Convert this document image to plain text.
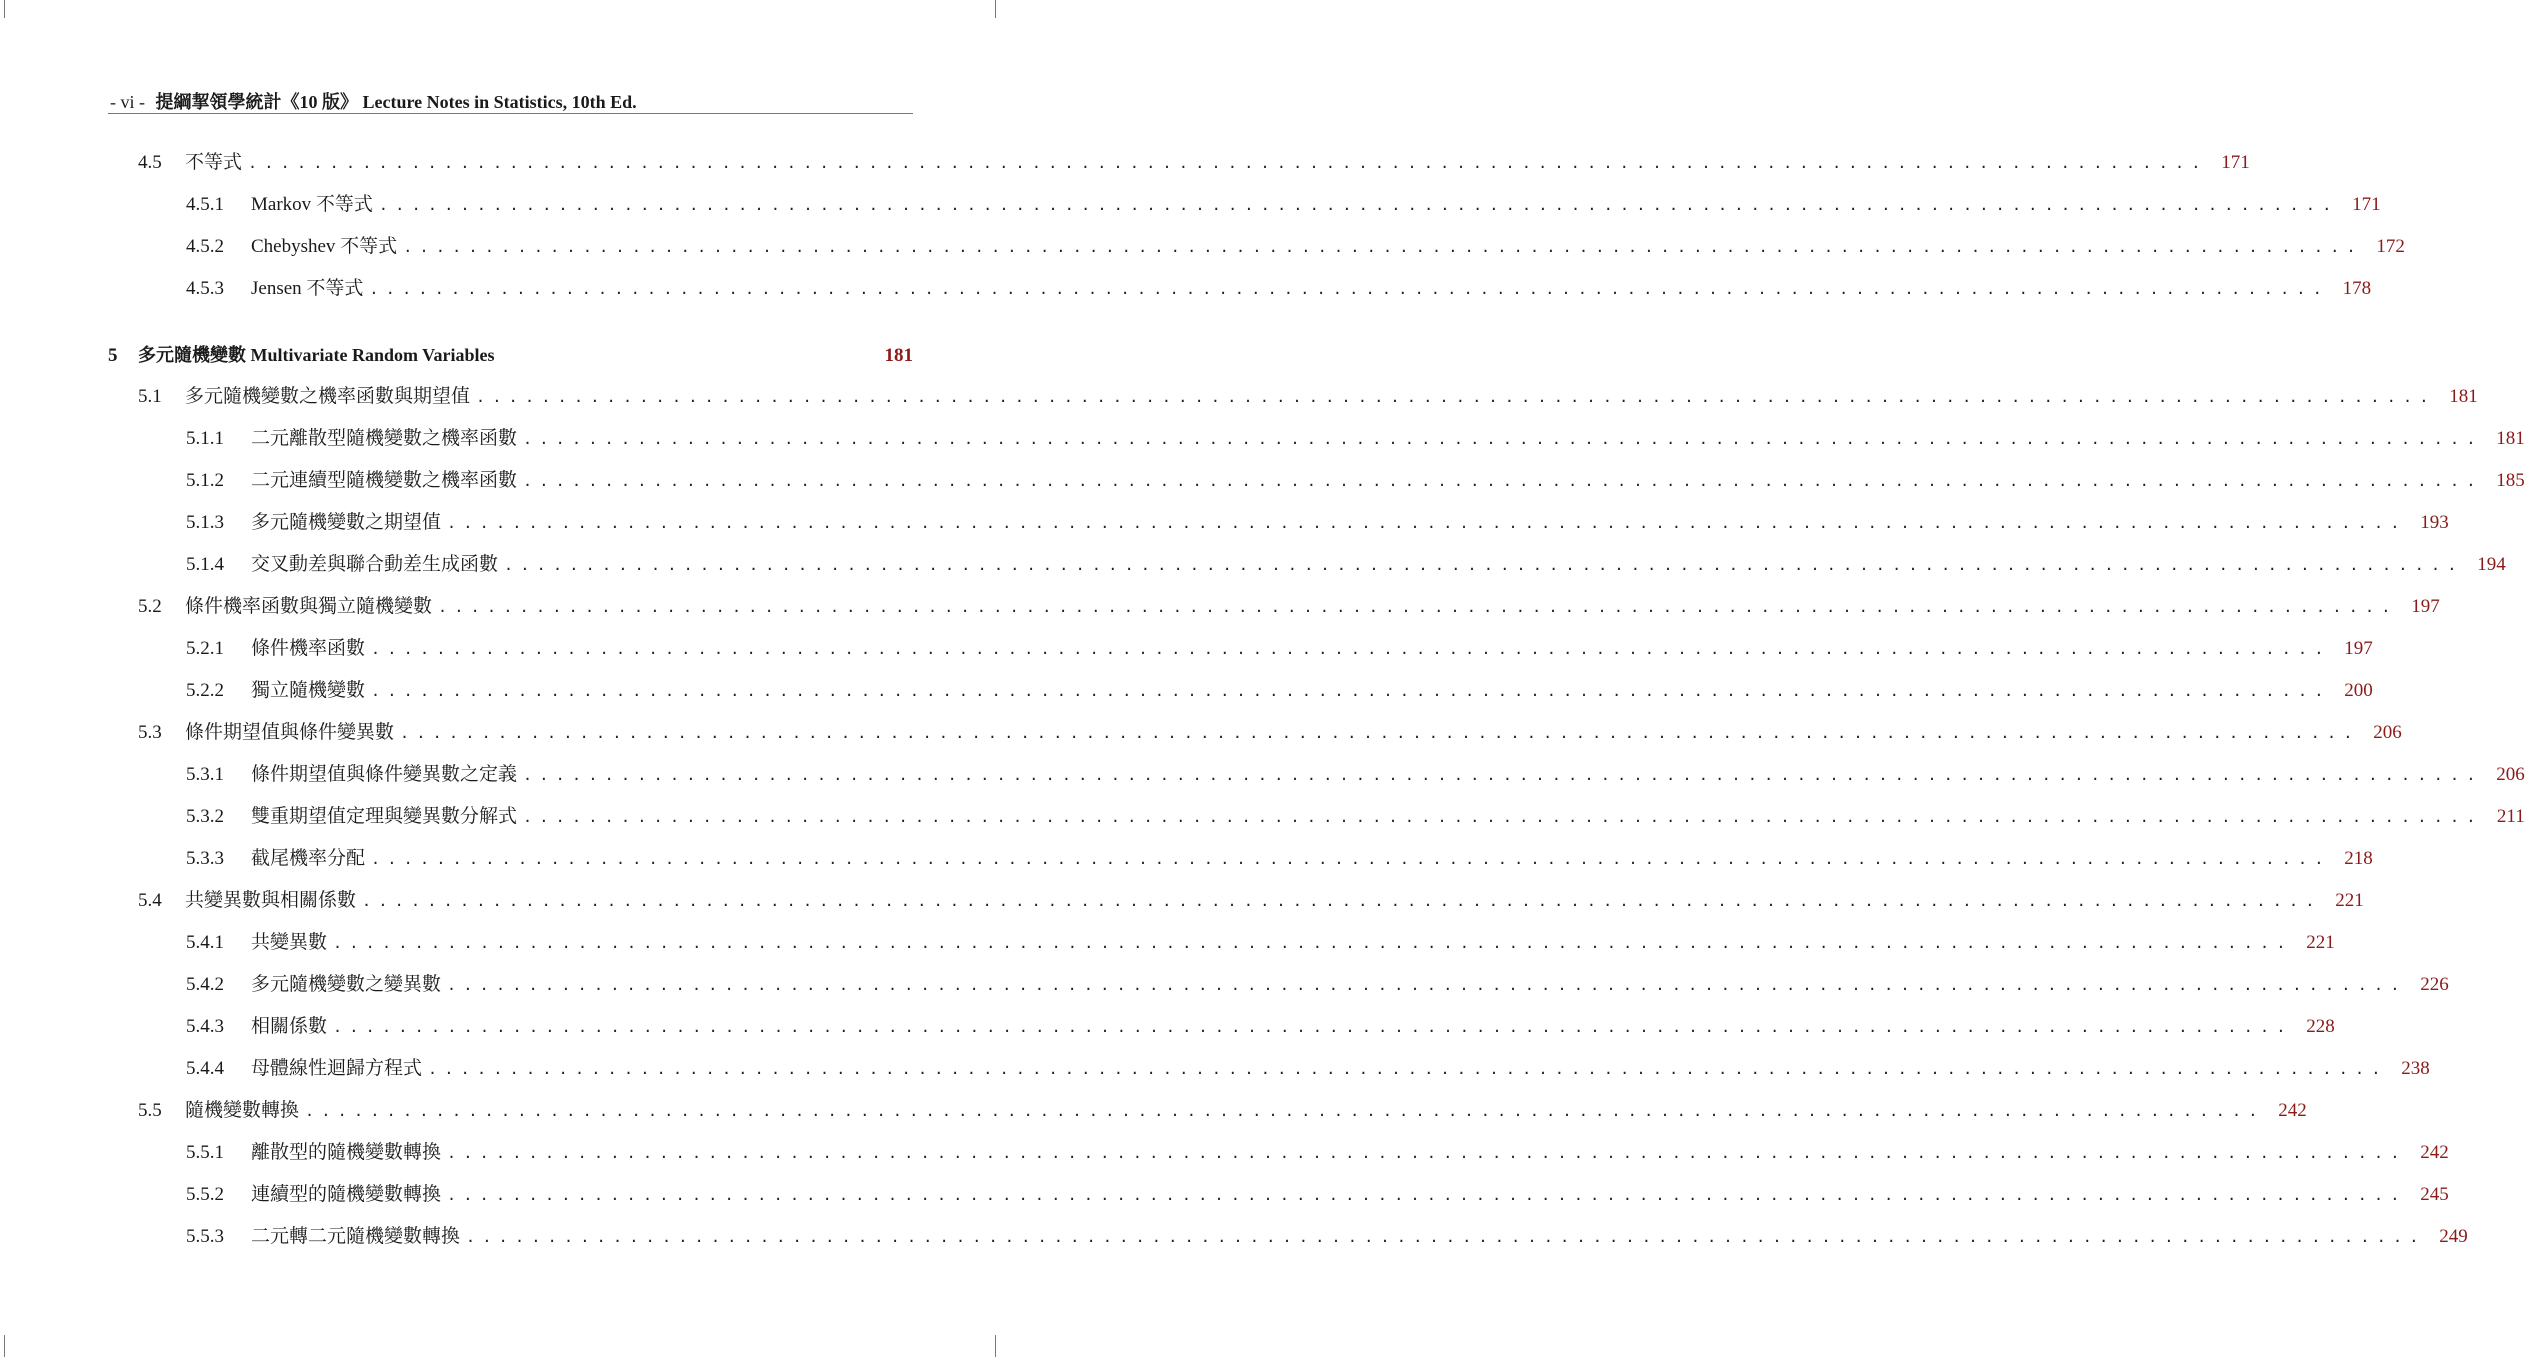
- vi - 提綱挈領學統計《10 版》 Lecture Notes in Statistics, 10th Ed.
4.5	不等式 ........................................................................................................................ 171
4.5.1	Markov 不等式 ........................................................................................................................ 171
4.5.2	Chebyshev 不等式 ........................................................................................................................ 172
4.5.3	Jensen 不等式 ........................................................................................................................ 178
5	多元隨機變數 Multivariate Random Variables	181
5.1	多元隨機變數之機率函數與期望值 ........................................................................................................................ 181
5.1.1	二元離散型隨機變數之機率函數 ........................................................................................................................ 181
5.1.2	二元連續型隨機變數之機率函數 ........................................................................................................................ 185
5.1.3	多元隨機變數之期望值 ........................................................................................................................ 193
5.1.4	交叉動差與聯合動差生成函數 ........................................................................................................................ 194
5.2	條件機率函數與獨立隨機變數 ........................................................................................................................ 197
5.2.1	條件機率函數 ........................................................................................................................ 197
5.2.2	獨立隨機變數 ........................................................................................................................ 200
5.3	條件期望值與條件變異數 ........................................................................................................................ 206
5.3.1	條件期望值與條件變異數之定義 ........................................................................................................................ 206
5.3.2	雙重期望值定理與變異數分解式 ........................................................................................................................ 211
5.3.3	截尾機率分配 ........................................................................................................................ 218
5.4	共變異數與相關係數 ........................................................................................................................ 221
5.4.1	共變異數 ........................................................................................................................ 221
5.4.2	多元隨機變數之變異數 ........................................................................................................................ 226
5.4.3	相關係數 ........................................................................................................................ 228
5.4.4	母體線性迴歸方程式 ........................................................................................................................ 238
5.5	隨機變數轉換 ........................................................................................................................ 242
5.5.1	離散型的隨機變數轉換 ........................................................................................................................ 242
5.5.2	連續型的隨機變數轉換 ........................................................................................................................ 245
5.5.3	二元轉二元隨機變數轉換 ........................................................................................................................ 249
